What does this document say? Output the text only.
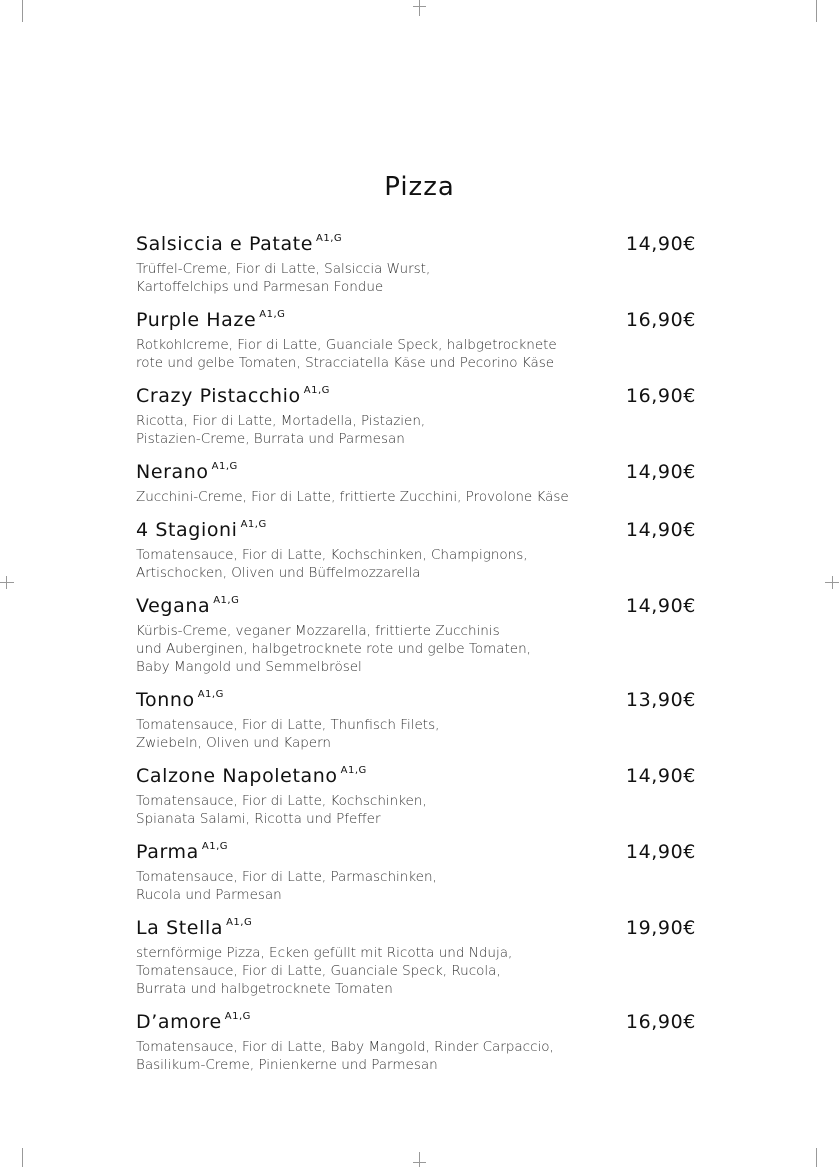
Pizza
Salsiccia e Patate $^{A1,G}$	14,90€
Trüffel-Creme, Fior di Latte, Salsiccia Wurst,
Kartoffelchips und Parmesan Fondue
Purple Haze $^{A1,G}$	16,90€
Rotkohlcreme, Fior di Latte, Guanciale Speck, halbgetrocknete
rote und gelbe Tomaten, Stracciatella Käse und Pecorino Käse
Crazy Pistacchio $^{A1,G}$	16,90€
Ricotta, Fior di Latte, Mortadella, Pistazien,
Pistazien-Creme, Burrata und Parmesan
Nerano $^{A1,G}$	14,90€
Zucchini-Creme, Fior di Latte, frittierte Zucchini, Provolone Käse
4 Stagioni $^{A1,G}$	14,90€
Tomatensauce, Fior di Latte, Kochschinken, Champignons,
Artischocken, Oliven und Büffelmozzarella
Vegana $^{A1,G}$	14,90€
Kürbis-Creme, veganer Mozzarella, frittierte Zucchinis
und Auberginen, halbgetrocknete rote und gelbe Tomaten,
Baby Mangold und Semmelbrösel
Tonno $^{A1,G}$	13,90€
Tomatensauce, Fior di Latte, Thunfisch Filets,
Zwiebeln, Oliven und Kapern
Calzone Napoletano $^{A1,G}$	14,90€
Tomatensauce, Fior di Latte, Kochschinken,
Spianata Salami, Ricotta und Pfeffer
Parma $^{A1,G}$	14,90€
Tomatensauce, Fior di Latte, Parmaschinken,
Rucola und Parmesan
La Stella $^{A1,G}$	19,90€
sternförmige Pizza, Ecken gefüllt mit Ricotta und Nduja,
Tomatensauce, Fior di Latte, Guanciale Speck, Rucola,
Burrata und halbgetrocknete Tomaten
D’amore $^{A1,G}$	16,90€
Tomatensauce, Fior di Latte, Baby Mangold, Rinder Carpaccio,
Basilikum-Creme, Pinienkerne und Parmesan
